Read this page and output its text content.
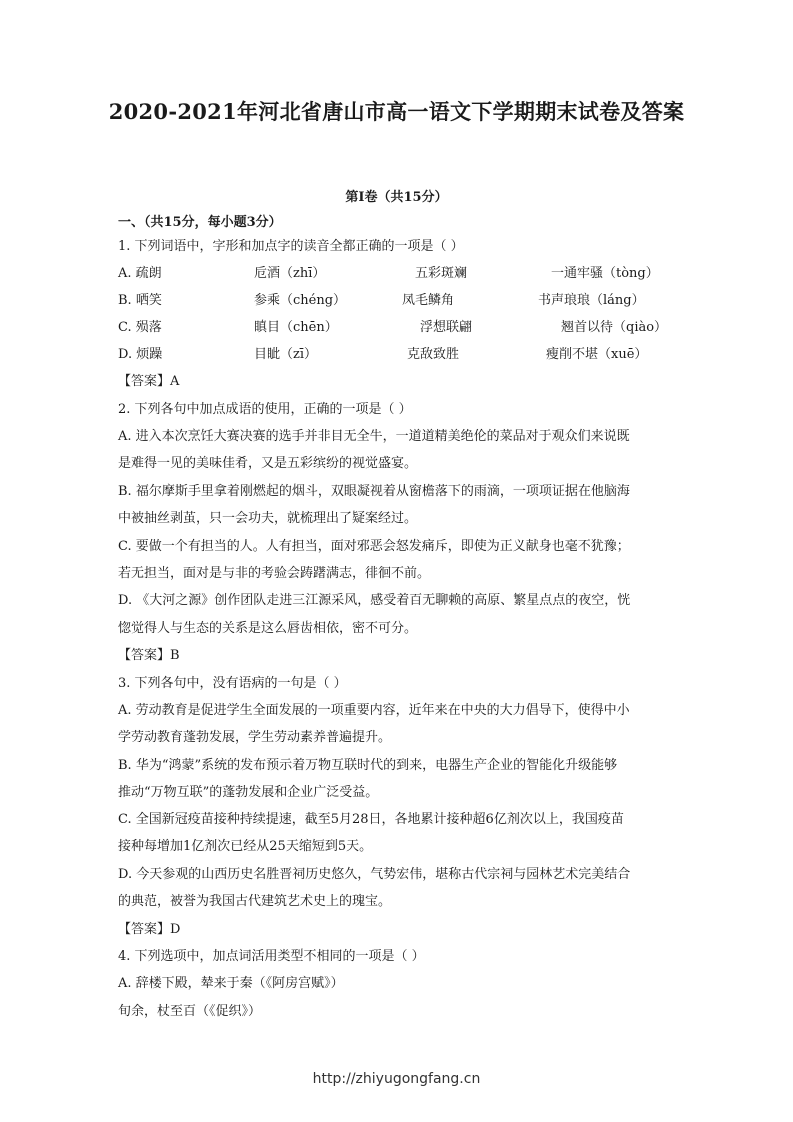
2020-2021年河北省唐山市高一语文下学期期末试卷及答案
第Ⅰ卷（共15分）
一、（共15分，每小题3分）
1. 下列词语中，字形和加点字的读音全都正确的一项是（ ）
A. 疏朗	卮酒（zhī）	五彩斑斓	一通牢骚（tòng）
B. 哂笑	参乘（chéng）	凤毛鳞角	书声琅琅（láng）
C. 殒落	瞋目（chēn）	浮想联翩	翘首以待（qiào）
D. 烦躁	目眦（zī）	克敌致胜	瘦削不堪（xuē）
【答案】A
2. 下列各句中加点成语的使用，正确的一项是（ ）
A. 进入本次烹饪大赛决赛的选手并非目无全牛，一道道精美绝伦的菜品对于观众们来说既
是难得一见的美味佳肴，又是五彩缤纷的视觉盛宴。
B. 福尔摩斯手里拿着刚燃起的烟斗，双眼凝视着从窗檐落下的雨滴，一项项证据在他脑海
中被抽丝剥茧，只一会功夫，就梳理出了疑案经过。
C. 要做一个有担当的人。人有担当，面对邪恶会怒发痛斥，即使为正义献身也毫不犹豫；
若无担当，面对是与非的考验会踌躇满志，徘徊不前。
D. 《大河之源》创作团队走进三江源采风，感受着百无聊赖的高原、繁星点点的夜空，恍
惚觉得人与生态的关系是这么唇齿相依，密不可分。
【答案】B
3. 下列各句中，没有语病的一句是（ ）
A. 劳动教育是促进学生全面发展的一项重要内容，近年来在中央的大力倡导下，使得中小
学劳动教育蓬勃发展，学生劳动素养普遍提升。
B. 华为“鸿蒙”系统的发布预示着万物互联时代的到来，电器生产企业的智能化升级能够
推动“万物互联”的蓬勃发展和企业广泛受益。
C. 全国新冠疫苗接种持续提速，截至5月28日，各地累计接种超6亿剂次以上，我国疫苗
接种每增加1亿剂次已经从25天缩短到5天。
D. 今天参观的山西历史名胜晋祠历史悠久，气势宏伟，堪称古代宗祠与园林艺术完美结合
的典范，被誉为我国古代建筑艺术史上的瑰宝。
【答案】D
4. 下列选项中，加点词活用类型不相同的一项是（ ）
A. 辞楼下殿，辇来于秦（《阿房宫赋》）
旬余，杖至百（《促织》）
http://zhiyugongfang.cn
